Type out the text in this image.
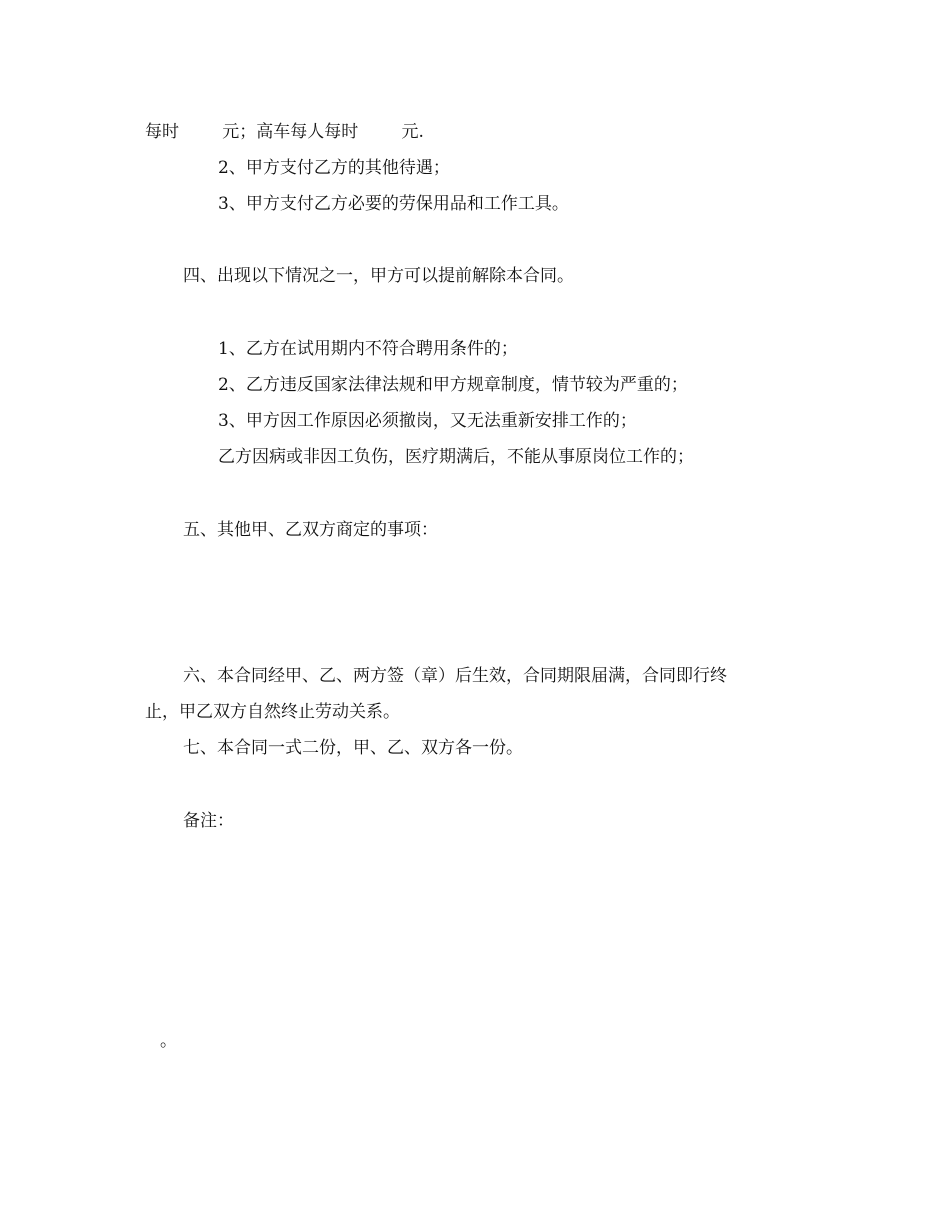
每时        元；高车每人每时        元.
2、甲方支付乙方的其他待遇；
3、甲方支付乙方必要的劳保用品和工作工具。
四、出现以下情况之一，甲方可以提前解除本合同。
1、乙方在试用期内不符合聘用条件的；
2、乙方违反国家法律法规和甲方规章制度，情节较为严重的；
3、甲方因工作原因必须撤岗，又无法重新安排工作的；
乙方因病或非因工负伤，医疗期满后，不能从事原岗位工作的；
五、其他甲、乙双方商定的事项：
六、本合同经甲、乙、两方签（章）后生效，合同期限届满，合同即行终
止，甲乙双方自然终止劳动关系。
七、本合同一式二份，甲、乙、双方各一份。
备注：
。
